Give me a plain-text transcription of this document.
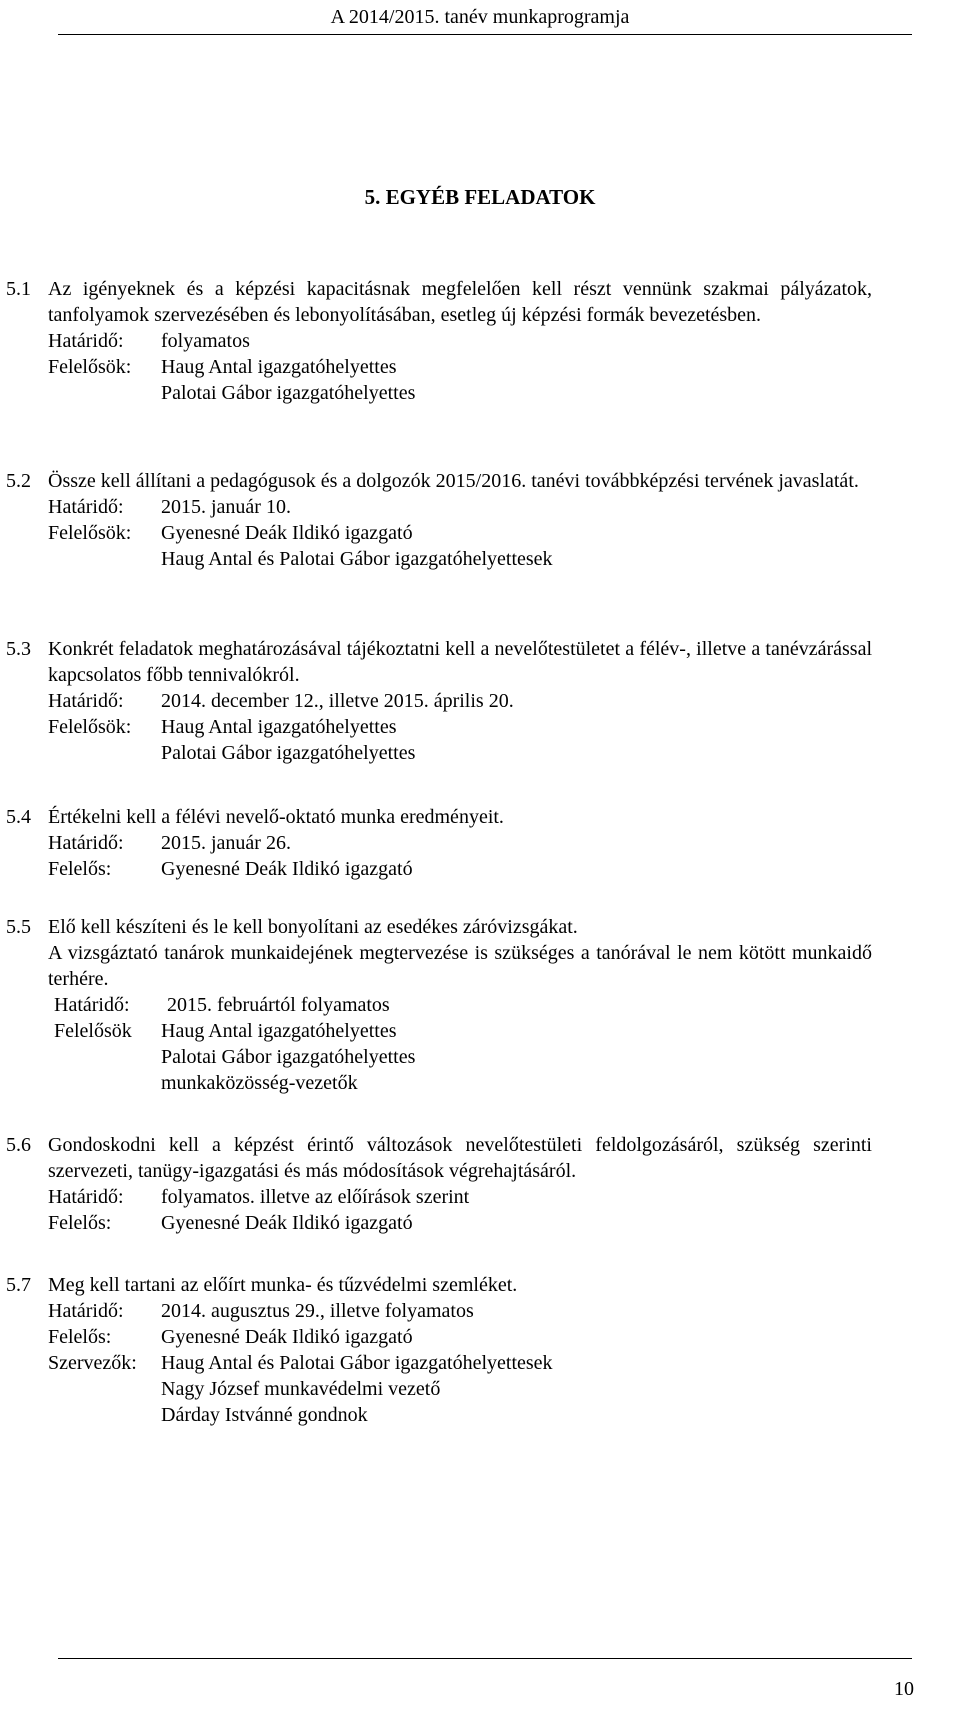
A 2014/2015. tanév munkaprogramja
5. EGYÉB FELADATOK
5.1 Az igényeknek és a képzési kapacitásnak megfelelően kell részt vennünk szakmai pályázatok, tanfolyamok szervezésében és lebonyolításában, esetleg új képzési formák bevezetésben.
Határidő:	folyamatos
Felelősök:	Haug Antal igazgatóhelyettes
Palotai Gábor igazgatóhelyettes
5.2 Össze kell állítani a pedagógusok és a dolgozók 2015/2016. tanévi továbbképzési tervének javaslatát.
Határidő:	2015. január 10.
Felelősök:	Gyenesné Deák Ildikó igazgató
Haug Antal és Palotai Gábor igazgatóhelyettesek
5.3 Konkrét feladatok meghatározásával tájékoztatni kell a nevelőtestületet a félév-, illetve a tanévzárással kapcsolatos főbb tennivalókról.
Határidő:	2014. december 12., illetve 2015. április 20.
Felelősök:	Haug Antal igazgatóhelyettes
Palotai Gábor igazgatóhelyettes
5.4 Értékelni kell a félévi nevelő-oktató munka eredményeit.
Határidő:	2015. január 26.
Felelős:	Gyenesné Deák Ildikó igazgató
5.5 Elő kell készíteni és le kell bonyolítani az esedékes záróvizsgákat.
A vizsgáztató tanárok munkaidejének megtervezése is szükséges a tanórával le nem kötött munkaidő terhére.
Határidő:	2015. februártól folyamatos
Felelősök	Haug Antal igazgatóhelyettes
Palotai Gábor igazgatóhelyettes
munkaközösség-vezetők
5.6 Gondoskodni kell a képzést érintő változások nevelőtestületi feldolgozásáról, szükség szerinti szervezeti, tanügy-igazgatási és más módosítások végrehajtásáról.
Határidő:	folyamatos. illetve az előírások szerint
Felelős:	Gyenesné Deák Ildikó igazgató
5.7 Meg kell tartani az előírt munka- és tűzvédelmi szemléket.
Határidő:	2014. augusztus 29., illetve folyamatos
Felelős:	Gyenesné Deák Ildikó igazgató
Szervezők:	Haug Antal és Palotai Gábor igazgatóhelyettesek
Nagy József munkavédelmi vezető
Dárday Istvánné gondnok
10
